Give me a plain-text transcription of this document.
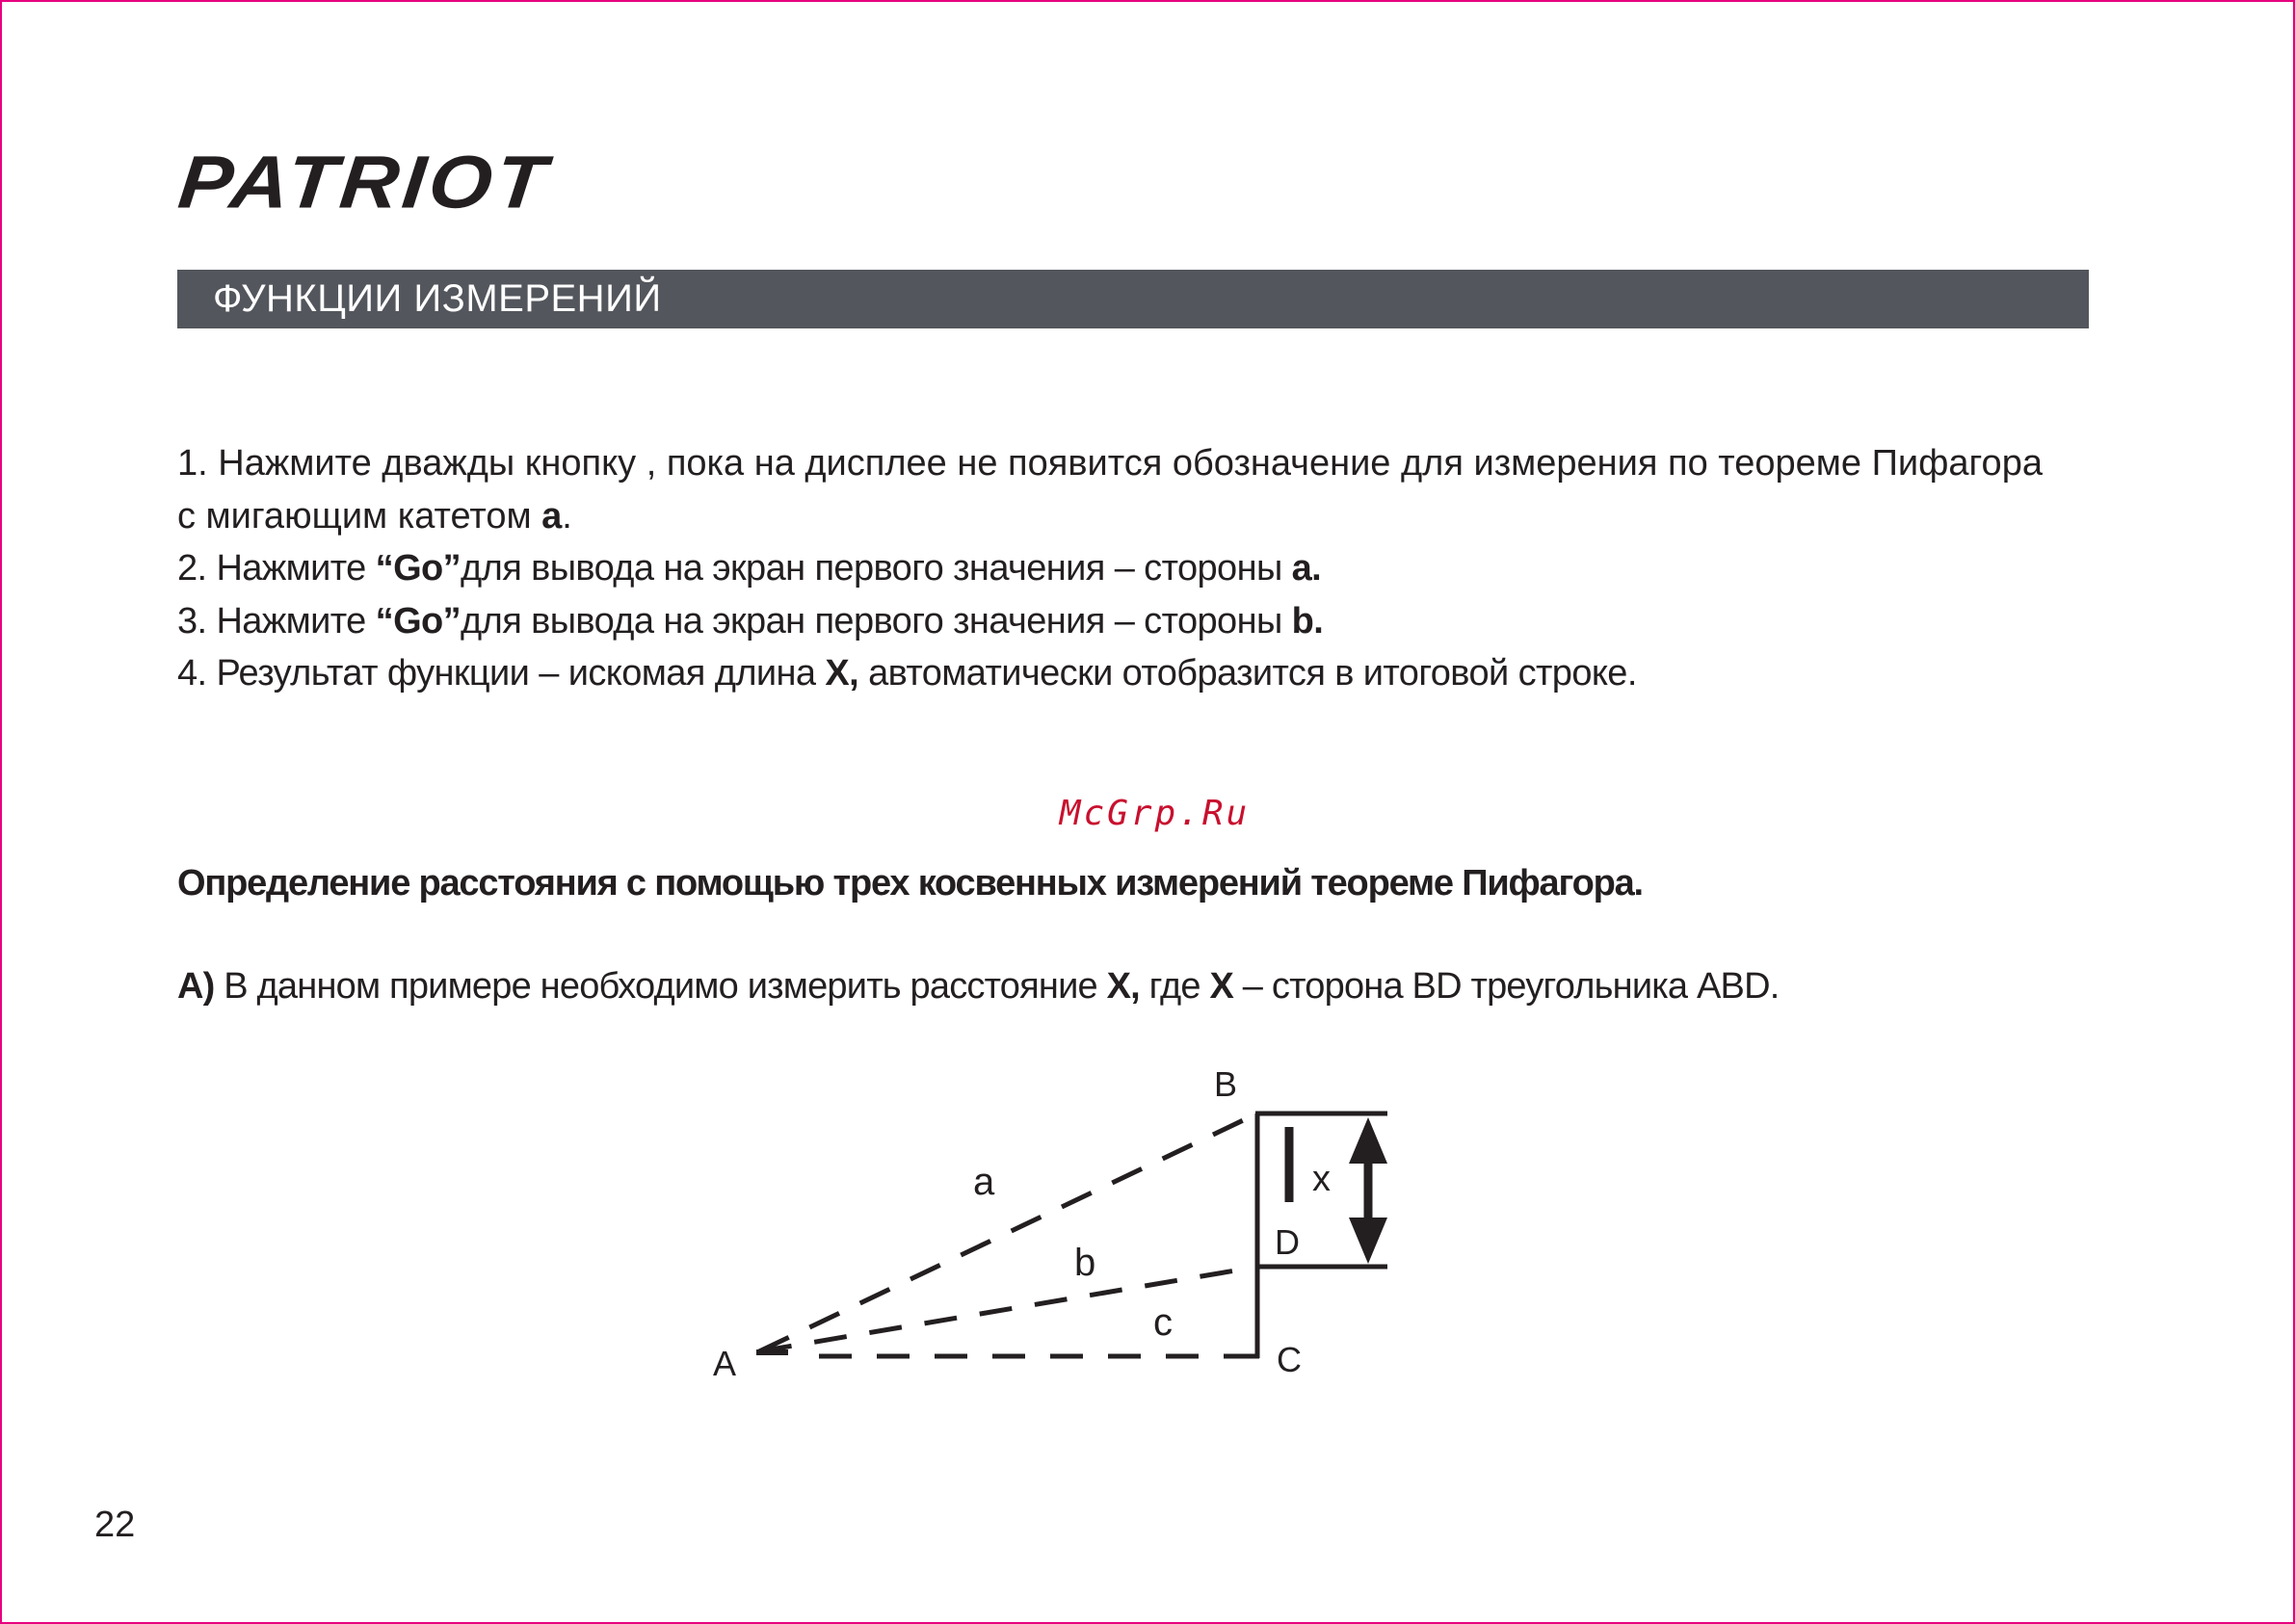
PATRIOT
ФУНКЦИИ ИЗМЕРЕНИЙ

1. Нажмите дважды кнопку , пока на дисплее не появится обозначение для измерения по теореме Пифагора

с мигающим катетом a.

2. Нажмите “Go”для вывода на экран первого значения – стороны a.

3. Нажмите “Go”для вывода на экран первого значения – стороны b.

4. Результат функции – искомая длина X, автоматически отобразится в итоговой строке.

McGrp.Ru
Определение расстояния с помощью трех косвенных измерений теореме Пифагора.
A) В данном примере необходимо измерить расстояние X, где X – сторона BD треугольника ABD.
A
B
C
D
a
b
c
x
22
